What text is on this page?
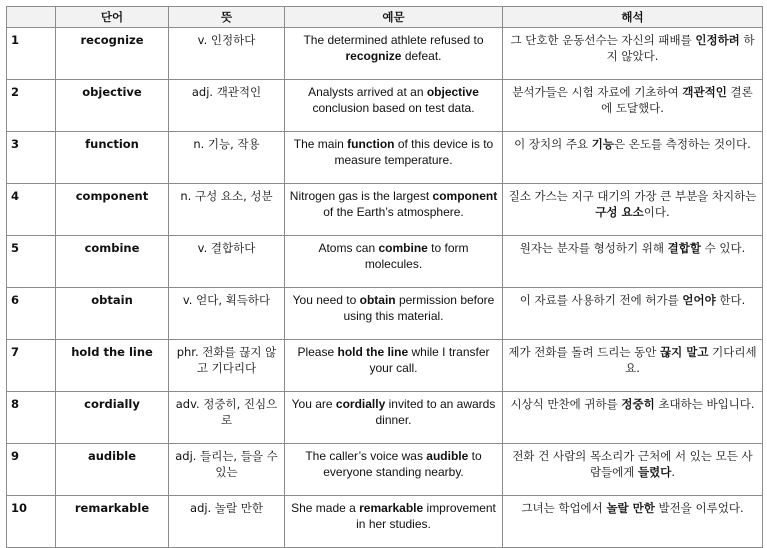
	단어	뜻	예문	해석
1	recognize	v. 인정하다	The determined athlete refused to recognize defeat.	그 단호한 운동선수는 자신의 패배를 인정하려 하지 않았다.
2	objective	adj. 객관적인	Analysts arrived at an objective conclusion based on test data.	분석가들은 시험 자료에 기초하여 객관적인 결론에 도달했다.
3	function	n. 기능, 작용	The main function of this device is to measure temperature.	이 장치의 주요 기능은 온도를 측정하는 것이다.
4	component	n. 구성 요소, 성분	Nitrogen gas is the largest component of the Earth’s atmosphere.	질소 가스는 지구 대기의 가장 큰 부분을 차지하는 구성 요소이다.
5	combine	v. 결합하다	Atoms can combine to form molecules.	원자는 분자를 형성하기 위해 결합할 수 있다.
6	obtain	v. 얻다, 획득하다	You need to obtain permission before using this material.	이 자료를 사용하기 전에 허가를 얻어야 한다.
7	hold the line	phr. 전화를 끊지 않고 기다리다	Please hold the line while I transfer your call.	제가 전화를 돌려 드리는 동안 끊지 말고 기다리세요.
8	cordially	adv. 정중히, 진심으로	You are cordially invited to an awards dinner.	시상식 만찬에 귀하를 정중히 초대하는 바입니다.
9	audible	adj. 들리는, 들을 수 있는	The caller’s voice was audible to everyone standing nearby.	전화 건 사람의 목소리가 근처에 서 있는 모든 사람들에게 들렸다.
10	remarkable	adj. 놀랄 만한	She made a remarkable improvement in her studies.	그녀는 학업에서 놀랄 만한 발전을 이루었다.
